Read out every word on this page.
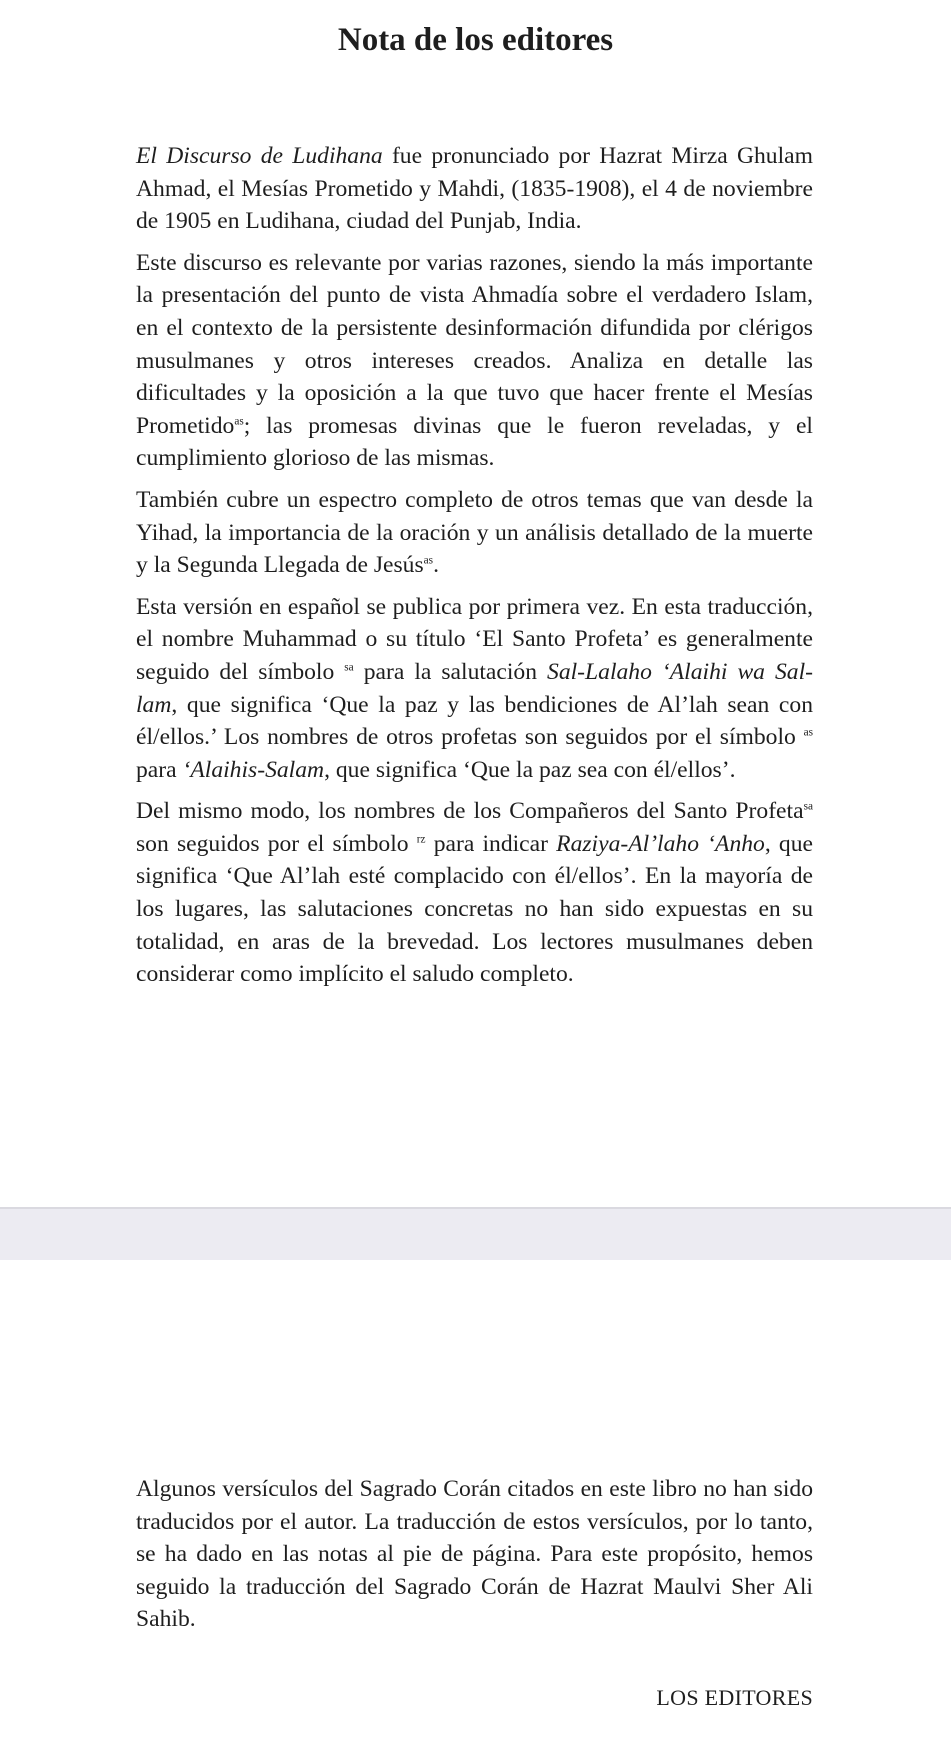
Nota de los editores

El Discurso de Ludihana fue pronunciado por Hazrat Mirza Ghulam Ahmad, el Mesías Prometido y Mahdi, (1835-1908), el 4 de noviembre de 1905 en Ludihana, ciudad del Punjab, India.

Este discurso es relevante por varias razones, siendo la más importante la presentación del punto de vista Ahmadía sobre el verdadero Islam, en el contexto de la persistente desinformación difundida por clérigos musulmanes y otros intereses creados. Analiza en detalle las dificultades y la oposición a la que tuvo que hacer frente el Mesías Prometido$^{as}$; las promesas divinas que le fueron reveladas, y el cumplimiento glorioso de las mismas.

También cubre un espectro completo de otros temas que van desde la Yihad, la importancia de la oración y un análisis detallado de la muerte y la Segunda Llegada de Jesús$^{as}$.

Esta versión en español se publica por primera vez. En esta traducción, el nombre Muhammad o su título ‘El Santo Profeta’ es generalmente seguido del símbolo $^{sa}$ para la salutación Sal-Lalaho ‘Alaihi wa Sal-lam, que significa ‘Que la paz y las bendiciones de Al’lah sean con él/ellos.’ Los nombres de otros profetas son seguidos por el símbolo $^{as}$ para ‘Alaihis-Salam, que significa ‘Que la paz sea con él/ellos’.

Del mismo modo, los nombres de los Compañeros del Santo Profeta$^{sa}$ son seguidos por el símbolo $^{rz}$ para indicar Raziya-Al’laho ‘Anho, que significa ‘Que Al’lah esté complacido con él/ellos’. En la mayoría de los lugares, las salutaciones concretas no han sido expuestas en su totalidad, en aras de la brevedad. Los lectores musulmanes deben considerar como implícito el saludo completo.

Algunos versículos del Sagrado Corán citados en este libro no han sido traducidos por el autor. La traducción de estos versículos, por lo tanto, se ha dado en las notas al pie de página. Para este propósito, hemos seguido la traducción del Sagrado Corán de Hazrat Maulvi Sher Ali Sahib.

LOS EDITORES
